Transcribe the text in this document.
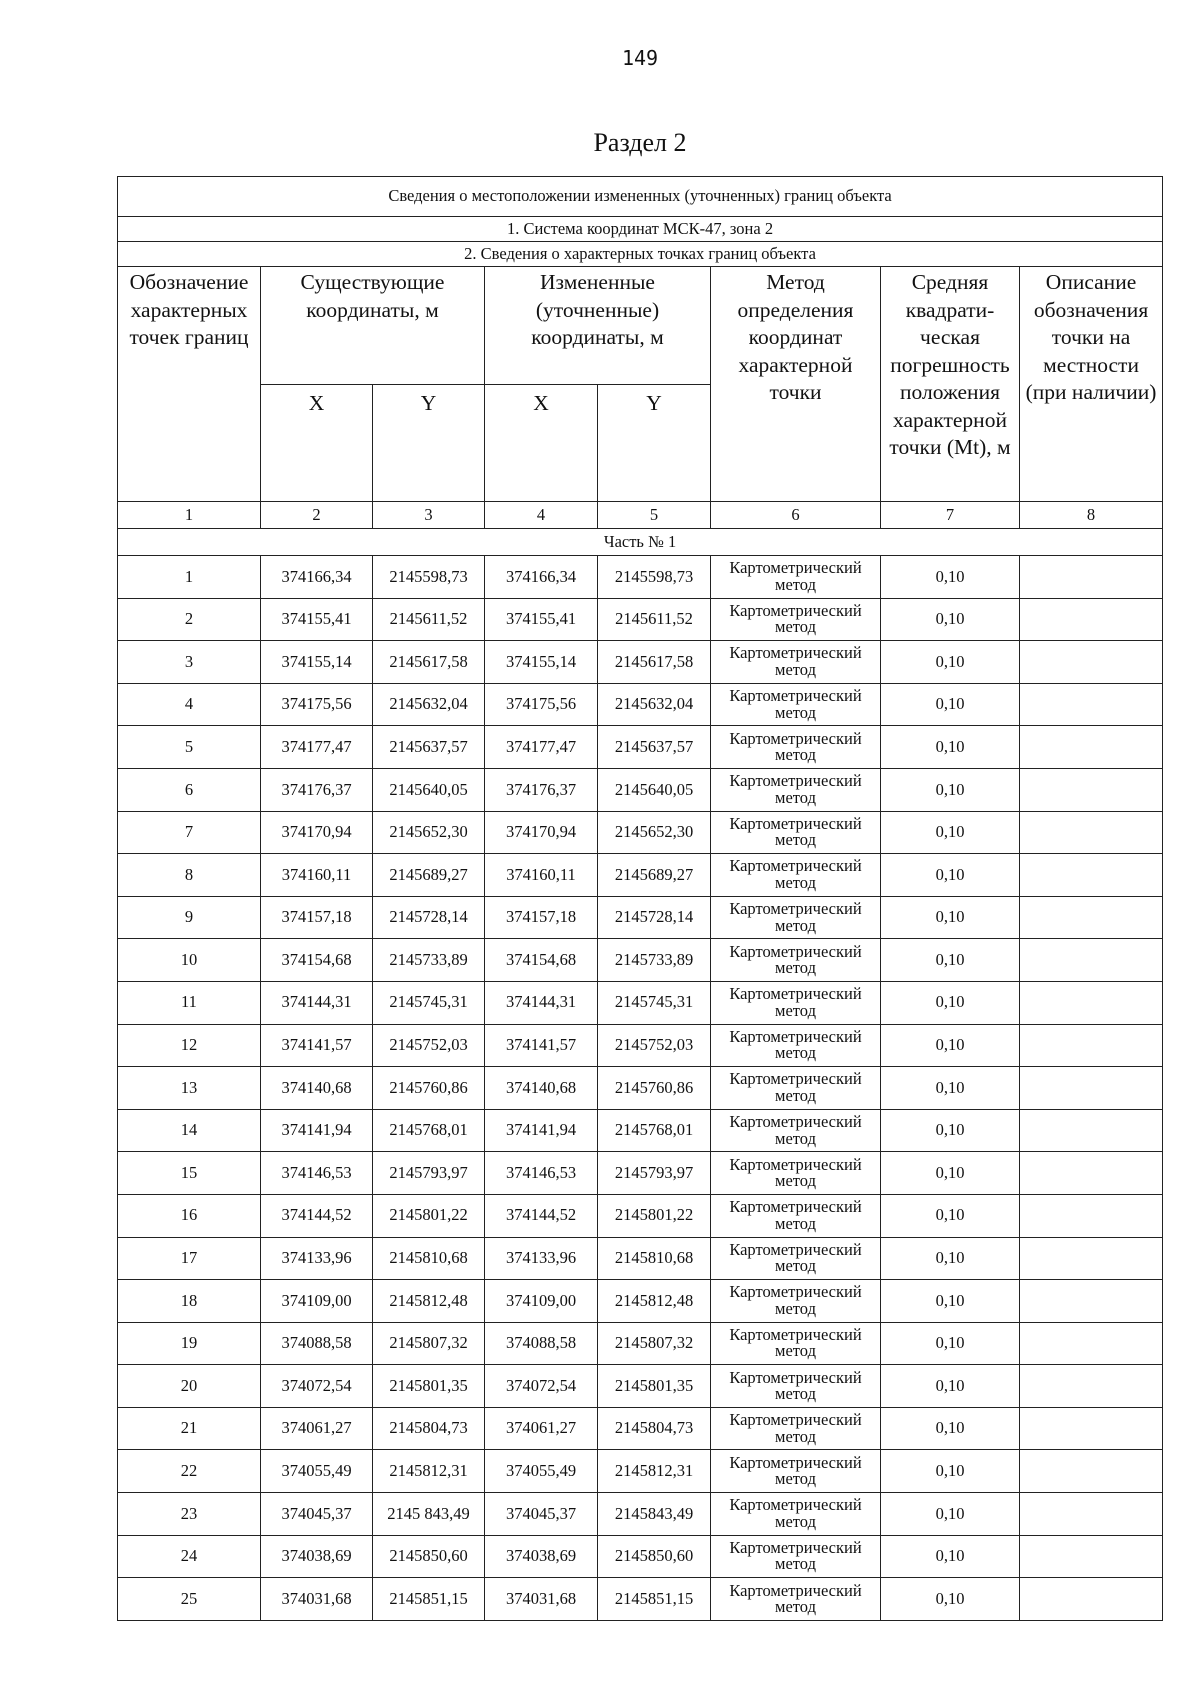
149
Раздел 2
Сведения о местоположении измененных (уточненных) границ объекта							
1. Система координат МСК-47, зона 2							
2. Сведения о характерных точках границ объекта							
Обозначение характерных точек границ	Существующие координаты, м		Измененные (уточненные) координаты, м		Метод определения координат характерной точки	Средняя квадрати- ческая погрешность положения характерной точки (Mt), м	Описание обозначения точки на местности (при наличии)
	X	Y	X	Y			
1	2	3	4	5	6	7	8
Часть № 1							
1	374166,34	2145598,73	374166,34	2145598,73	Картометрический метод	0,10	
2	374155,41	2145611,52	374155,41	2145611,52	Картометрический метод	0,10	
3	374155,14	2145617,58	374155,14	2145617,58	Картометрический метод	0,10	
4	374175,56	2145632,04	374175,56	2145632,04	Картометрический метод	0,10	
5	374177,47	2145637,57	374177,47	2145637,57	Картометрический метод	0,10	
6	374176,37	2145640,05	374176,37	2145640,05	Картометрический метод	0,10	
7	374170,94	2145652,30	374170,94	2145652,30	Картометрический метод	0,10	
8	374160,11	2145689,27	374160,11	2145689,27	Картометрический метод	0,10	
9	374157,18	2145728,14	374157,18	2145728,14	Картометрический метод	0,10	
10	374154,68	2145733,89	374154,68	2145733,89	Картометрический метод	0,10	
11	374144,31	2145745,31	374144,31	2145745,31	Картометрический метод	0,10	
12	374141,57	2145752,03	374141,57	2145752,03	Картометрический метод	0,10	
13	374140,68	2145760,86	374140,68	2145760,86	Картометрический метод	0,10	
14	374141,94	2145768,01	374141,94	2145768,01	Картометрический метод	0,10	
15	374146,53	2145793,97	374146,53	2145793,97	Картометрический метод	0,10	
16	374144,52	2145801,22	374144,52	2145801,22	Картометрический метод	0,10	
17	374133,96	2145810,68	374133,96	2145810,68	Картометрический метод	0,10	
18	374109,00	2145812,48	374109,00	2145812,48	Картометрический метод	0,10	
19	374088,58	2145807,32	374088,58	2145807,32	Картометрический метод	0,10	
20	374072,54	2145801,35	374072,54	2145801,35	Картометрический метод	0,10	
21	374061,27	2145804,73	374061,27	2145804,73	Картометрический метод	0,10	
22	374055,49	2145812,31	374055,49	2145812,31	Картометрический метод	0,10	
23	374045,37	2145 843,49	374045,37	2145843,49	Картометрический метод	0,10	
24	374038,69	2145850,60	374038,69	2145850,60	Картометрический метод	0,10	
25	374031,68	2145851,15	374031,68	2145851,15	Картометрический метод	0,10	
